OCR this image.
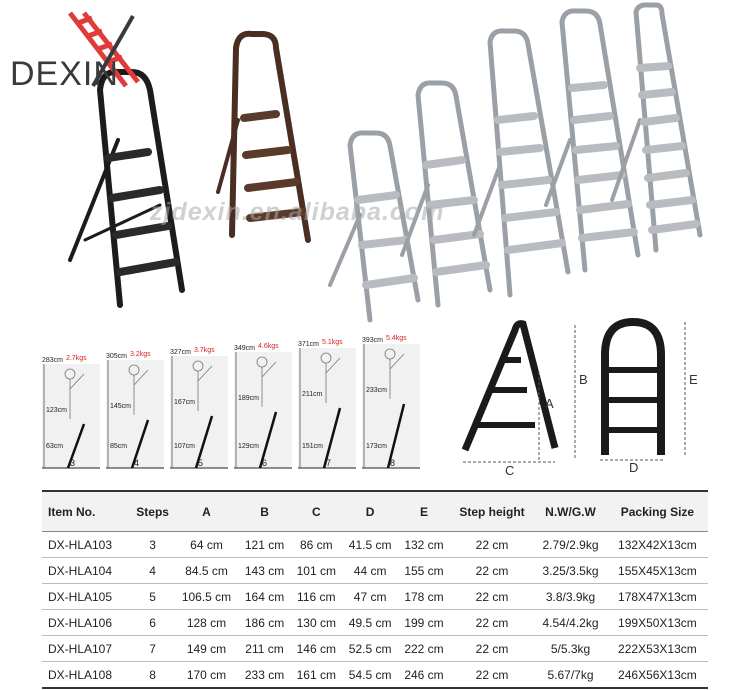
DEXIN
zjdexin.en.alibaba.com
283cm 2.7kgs
123cm
63cm
3
305cm 3.2kgs
145cm
85cm
4
327cm 3.7kgs
167cm
107cm
5
349cm 4.6kgs
189cm
129cm
6
371cm 5.1kgs
211cm
151cm
7
393cm 5.4kgs
233cm
173cm
8
A
B
C
E
D
Item No.	Steps	A	B	C	D	E	Step height	N.W/G.W	Packing Size
DX-HLA103	3	64 cm	121 cm	86 cm	41.5 cm	132 cm	22 cm	2.79/2.9kg	132X42X13cm
DX-HLA104	4	84.5 cm	143 cm	101 cm	44 cm	155 cm	22 cm	3.25/3.5kg	155X45X13cm
DX-HLA105	5	106.5 cm	164 cm	116 cm	47 cm	178 cm	22 cm	3.8/3.9kg	178X47X13cm
DX-HLA106	6	128 cm	186 cm	130 cm	49.5 cm	199 cm	22 cm	4.54/4.2kg	199X50X13cm
DX-HLA107	7	149 cm	211 cm	146 cm	52.5 cm	222 cm	22 cm	5/5.3kg	222X53X13cm
DX-HLA108	8	170 cm	233 cm	161 cm	54.5 cm	246 cm	22 cm	5.67/7kg	246X56X13cm
